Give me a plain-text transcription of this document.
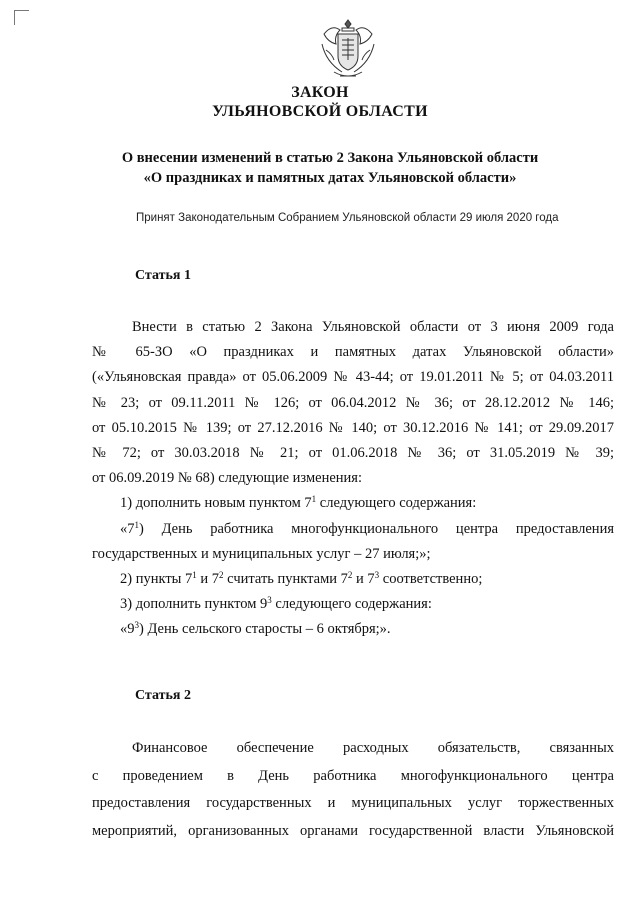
ЗАКОН
УЛЬЯНОВСКОЙ ОБЛАСТИ
О внесении изменений в статью 2 Закона Ульяновской области
«О праздниках и памятных датах Ульяновской области»
Принят Законодательным Собранием Ульяновской области 29 июля 2020 года
Статья 1
Внести в статью 2 Закона Ульяновской области от 3 июня 2009 года
№ 65-ЗО «О праздниках и памятных датах Ульяновской области»
(«Ульяновская правда» от 05.06.2009 № 43-44; от 19.01.2011 № 5; от 04.03.2011
№ 23; от 09.11.2011 № 126; от 06.04.2012 № 36; от 28.12.2012 № 146;
от 05.10.2015 № 139; от 27.12.2016 № 140; от 30.12.2016 № 141; от 29.09.2017
№ 72; от 30.03.2018 № 21; от 01.06.2018 № 36; от 31.05.2019 № 39;
от 06.09.2019 № 68) следующие изменения:
1) дополнить новым пунктом $7^1$ следующего содержания:
«$7^1$) День работника многофункционального центра предоставления
государственных и муниципальных услуг – 27 июля;»;
2) пункты $7^1$ и $7^2$ считать пунктами $7^2$ и $7^3$ соответственно;
3) дополнить пунктом $9^3$ следующего содержания:
«$9^3$) День сельского старосты – 6 октября;».
Статья 2
Финансовое обеспечение расходных обязательств, связанных
с проведением в День работника многофункционального центра
предоставления государственных и муниципальных услуг торжественных
мероприятий, организованных органами государственной власти Ульяновской
